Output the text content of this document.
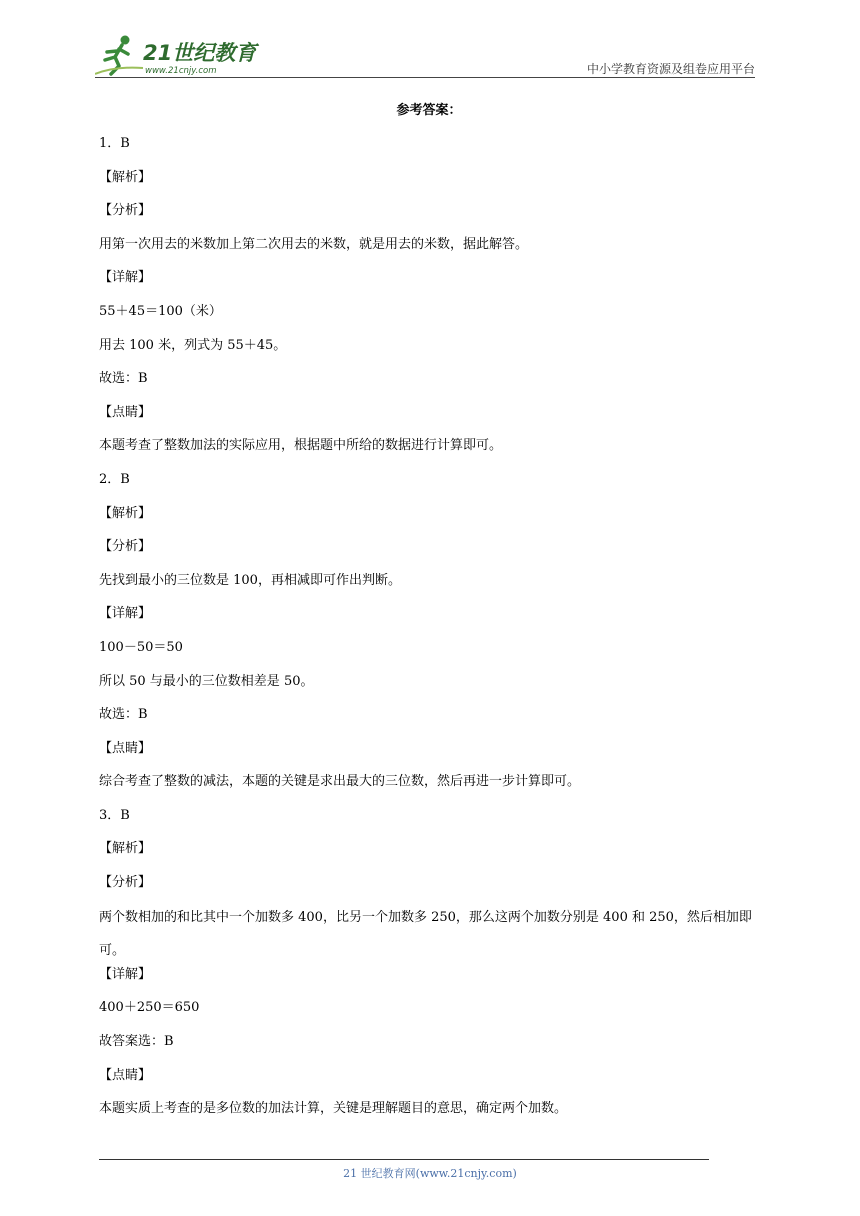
21世纪教育
www.21cnjy.com	中小学教育资源及组卷应用平台
参考答案：
1．B
【解析】
【分析】
用第一次用去的米数加上第二次用去的米数，就是用去的米数，据此解答。
【详解】
55＋45＝100（米）
用去 100 米，列式为 55＋45。
故选：B
【点睛】
本题考查了整数加法的实际应用，根据题中所给的数据进行计算即可。
2．B
【解析】
【分析】
先找到最小的三位数是 100，再相减即可作出判断。
【详解】
100－50＝50
所以 50 与最小的三位数相差是 50。
故选：B
【点睛】
综合考查了整数的减法，本题的关键是求出最大的三位数，然后再进一步计算即可。
3．B
【解析】
【分析】
两个数相加的和比其中一个加数多 400，比另一个加数多 250，那么这两个加数分别是 400 和 250，然后相加即可。
【详解】
400＋250＝650
故答案选：B
【点睛】
本题实质上考查的是多位数的加法计算，关键是理解题目的意思，确定两个加数。
21 世纪教育网(www.21cnjy.com)
